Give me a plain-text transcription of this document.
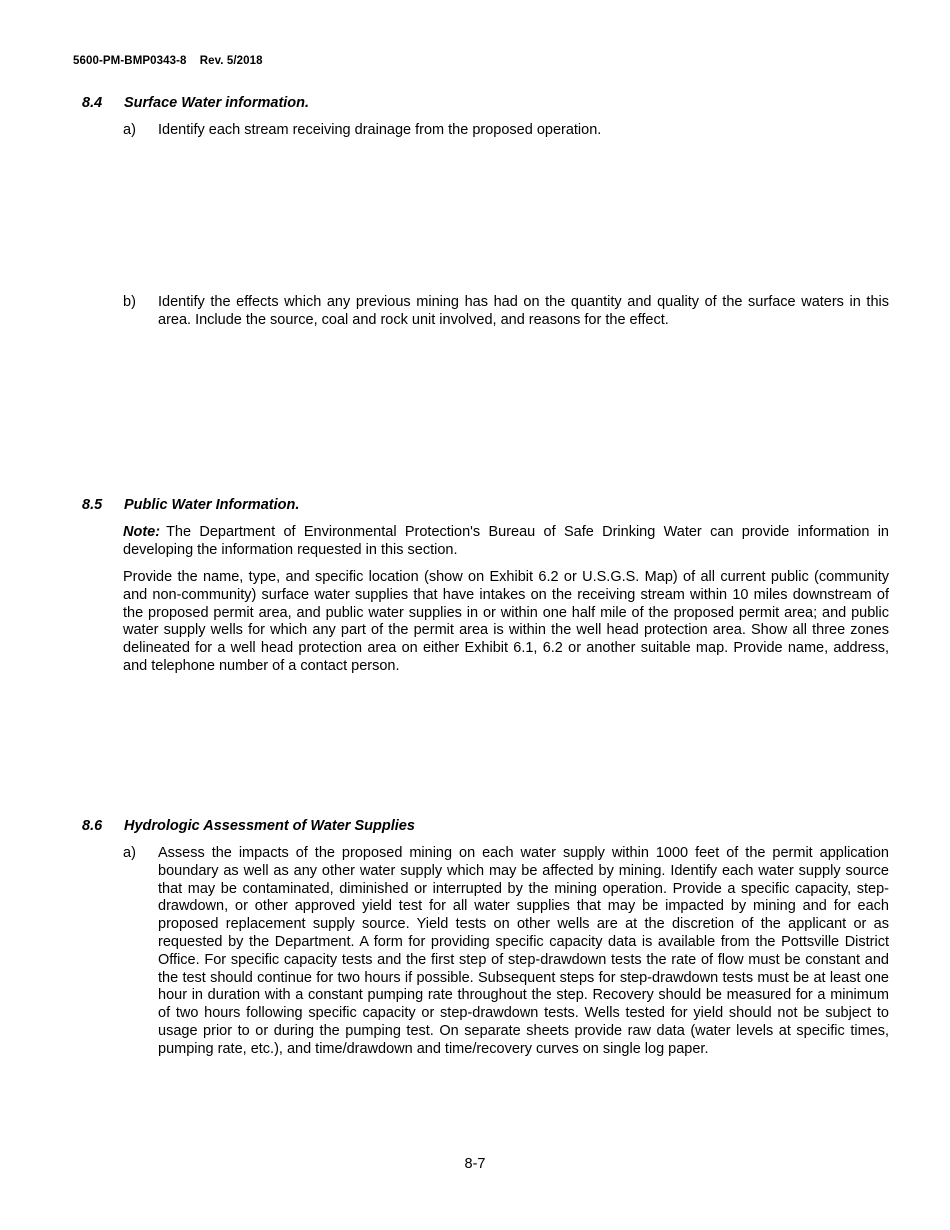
5600-PM-BMP0343-8    Rev. 5/2018
8.4	Surface Water information.
a)	Identify each stream receiving drainage from the proposed operation.
b)	Identify the effects which any previous mining has had on the quantity and quality of the surface waters in this area. Include the source, coal and rock unit involved, and reasons for the effect.
8.5	Public Water Information.
Note: The Department of Environmental Protection's Bureau of Safe Drinking Water can provide information in developing the information requested in this section.
Provide the name, type, and specific location (show on Exhibit 6.2 or U.S.G.S. Map) of all current public (community and non-community) surface water supplies that have intakes on the receiving stream within 10 miles downstream of the proposed permit area, and public water supplies in or within one half mile of the proposed permit area; and public water supply wells for which any part of the permit area is within the well head protection area. Show all three zones delineated for a well head protection area on either Exhibit 6.1, 6.2 or another suitable map. Provide name, address, and telephone number of a contact person.
8.6	Hydrologic Assessment of Water Supplies
a)	Assess the impacts of the proposed mining on each water supply within 1000 feet of the permit application boundary as well as any other water supply which may be affected by mining. Identify each water supply source that may be contaminated, diminished or interrupted by the mining operation. Provide a specific capacity, step-drawdown, or other approved yield test for all water supplies that may be impacted by mining and for each proposed replacement supply source. Yield tests on other wells are at the discretion of the applicant or as requested by the Department. A form for providing specific capacity data is available from the Pottsville District Office. For specific capacity tests and the first step of step-drawdown tests the rate of flow must be constant and the test should continue for two hours if possible. Subsequent steps for step-drawdown tests must be at least one hour in duration with a constant pumping rate throughout the step. Recovery should be measured for a minimum of two hours following specific capacity or step-drawdown tests. Wells tested for yield should not be subject to usage prior to or during the pumping test. On separate sheets provide raw data (water levels at specific times, pumping rate, etc.), and time/drawdown and time/recovery curves on single log paper.
8-7
